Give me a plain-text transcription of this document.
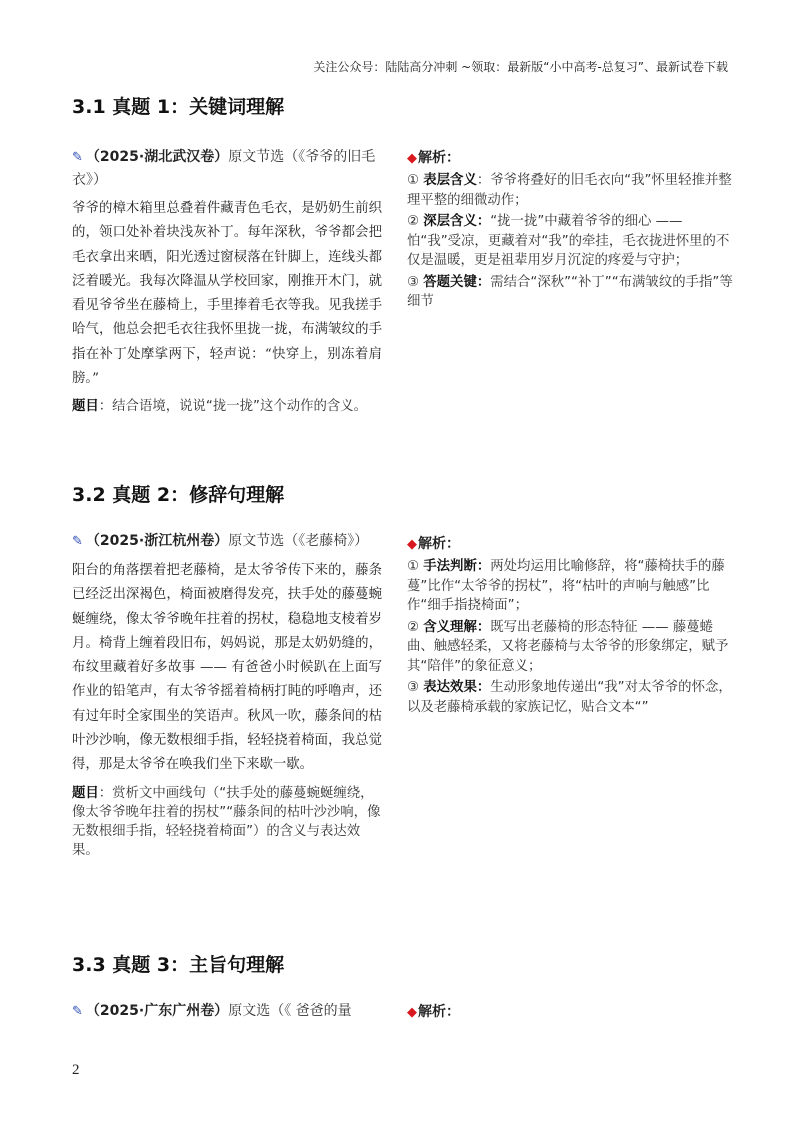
关注公众号：陆陆高分冲刺 ~领取：最新版“小中高考-总复习”、最新试卷下载
3.1 真题 1：关键词理解
✎ （2025·湖北武汉卷）原文节选（《爷爷的旧毛衣》）
爷爷的樟木箱里总叠着件藏青色毛衣，是奶奶生前织的，领口处补着块浅灰补丁。每年深秋，爷爷都会把毛衣拿出来晒，阳光透过窗棂落在针脚上，连线头都泛着暖光。我每次降温从学校回家，刚推开木门，就看见爷爷坐在藤椅上，手里捧着毛衣等我。见我搓手哈气，他总会把毛衣往我怀里拢一拢，布满皱纹的手指在补丁处摩挲两下，轻声说：“快穿上，别冻着肩膀。”
题目：结合语境，说说“拢一拢”这个动作的含义。
◆解析：
① 表层含义：爷爷将叠好的旧毛衣向“我”怀里轻推并整理平整的细微动作；
② 深层含义：“拢一拢”中藏着爷爷的细心 —— 怕“我”受凉，更藏着对“我”的牵挂，毛衣拢进怀里的不仅是温暖，更是祖辈用岁月沉淀的疼爱与守护；
③ 答题关键：需结合“深秋”“补丁”“布满皱纹的手指”等细节
3.2 真题 2：修辞句理解
✎ （2025·浙江杭州卷）原文节选（《老藤椅》）
阳台的角落摆着把老藤椅，是太爷爷传下来的，藤条已经泛出深褐色，椅面被磨得发亮，扶手处的藤蔓蜿蜒缠绕，像太爷爷晚年拄着的拐杖，稳稳地支棱着岁月。椅背上缠着段旧布，妈妈说，那是太奶奶缝的，布纹里藏着好多故事 —— 有爸爸小时候趴在上面写作业的铅笔声，有太爷爷摇着椅柄打盹的呼噜声，还有过年时全家围坐的笑语声。秋风一吹，藤条间的枯叶沙沙响，像无数根细手指，轻轻挠着椅面，我总觉得，那是太爷爷在唤我们坐下来歇一歇。
题目：赏析文中画线句（“扶手处的藤蔓蜿蜒缠绕，像太爷爷晚年拄着的拐杖”“藤条间的枯叶沙沙响，像无数根细手指，轻轻挠着椅面”）的含义与表达效果。
◆解析：
① 手法判断：两处均运用比喻修辞，将“藤椅扶手的藤蔓”比作“太爷爷的拐杖”，将“枯叶的声响与触感”比作“细手指挠椅面”；
② 含义理解：既写出老藤椅的形态特征 —— 藤蔓蜷曲、触感轻柔，又将老藤椅与太爷爷的形象绑定，赋予其“陪伴”的象征意义；
③ 表达效果：生动形象地传递出“我”对太爷爷的怀念，以及老藤椅承载的家族记忆，贴合文本“”
3.3 真题 3：主旨句理解
✎ （2025·广东广州卷）原文选（《 爸爸的量	◆解析：
2
